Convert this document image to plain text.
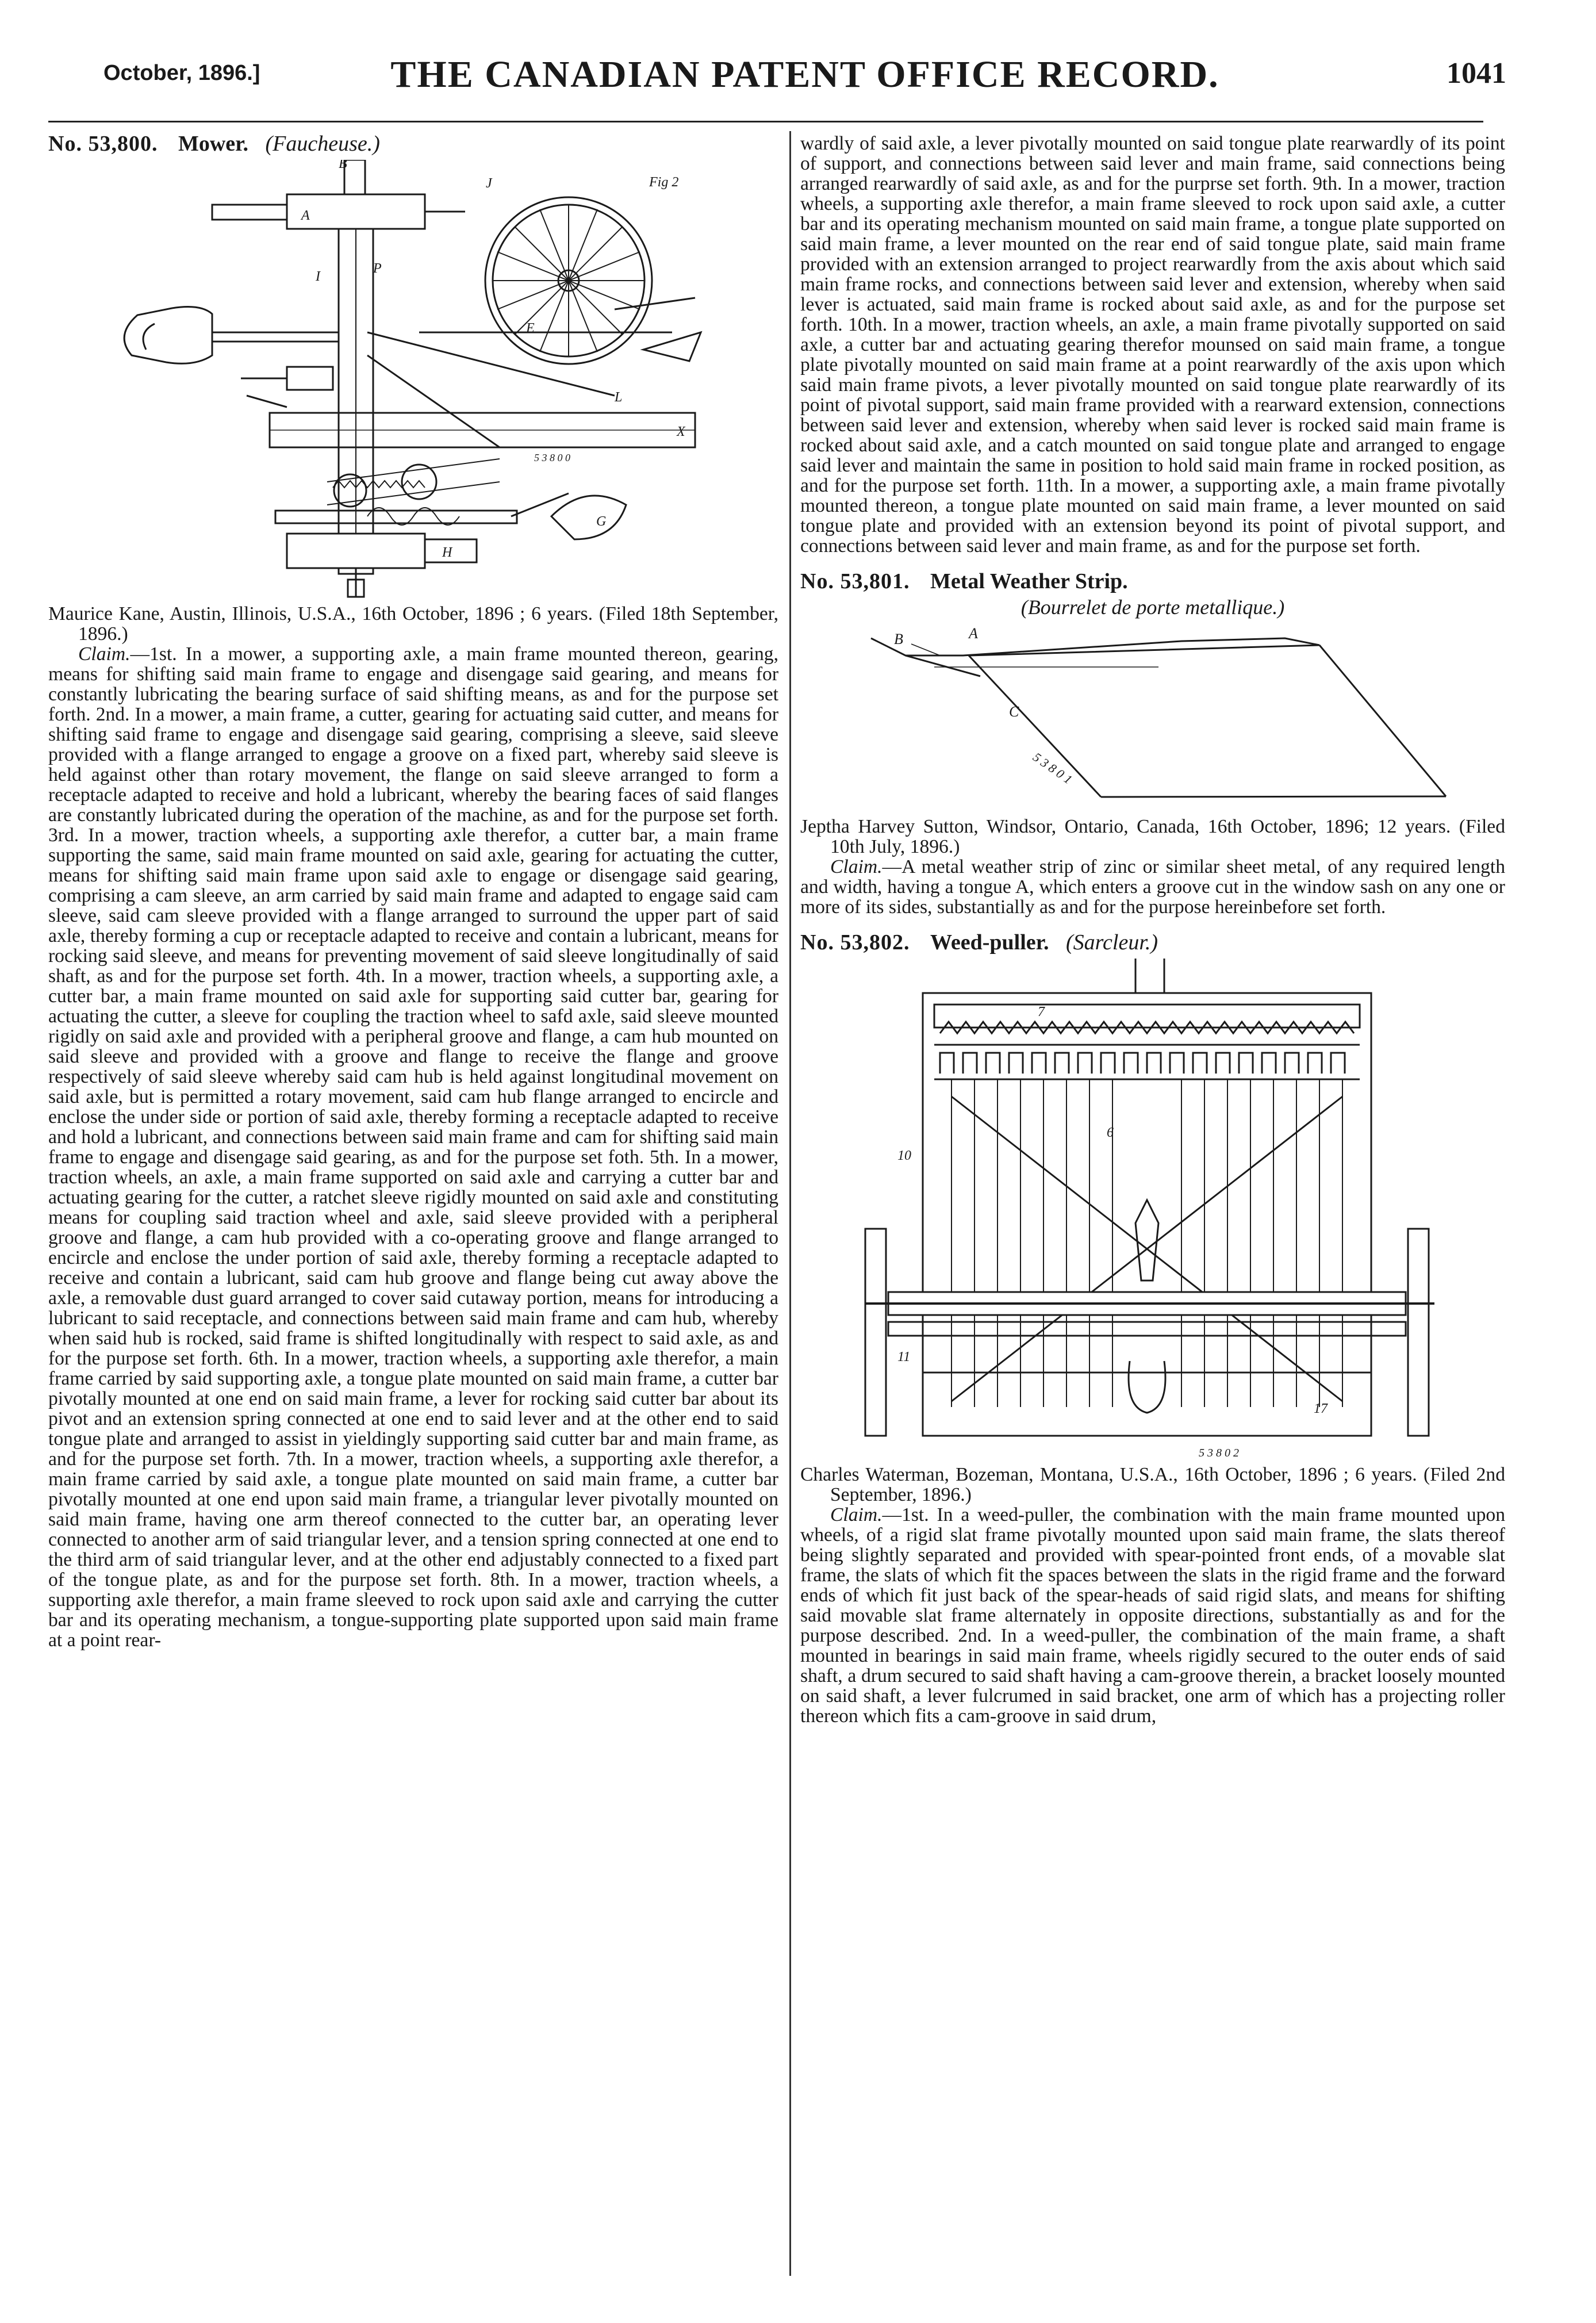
October, 1896.]	THE CANADIAN PATENT OFFICE RECORD.	1041
No. 53,800. Mower. (Faucheuse.)
Fig 2
A
J
B
X
I
P
E
L
H
G
5 3 8 0 0

Maurice Kane, Austin, Illinois, U.S.A., 16th October, 1896 ; 6 years. (Filed 18th September, 1896.)

Claim.—1st. In a mower, a supporting axle, a main frame mounted thereon, gearing, means for shifting said main frame to engage and disengage said gearing, and means for constantly lubricating the bearing surface of said shifting means, as and for the purpose set forth. 2nd. In a mower, a main frame, a cutter, gearing for actuating said cutter, and means for shifting said frame to engage and disengage said gearing, comprising a sleeve, said sleeve provided with a flange arranged to engage a groove on a fixed part, whereby said sleeve is held against other than rotary movement, the flange on said sleeve arranged to form a receptacle adapted to receive and hold a lubricant, whereby the bearing faces of said flanges are constantly lubricated during the operation of the machine, as and for the purpose set forth. 3rd. In a mower, traction wheels, a supporting axle therefor, a cutter bar, a main frame supporting the same, said main frame mounted on said axle, gearing for actuating the cutter, means for shifting said main frame upon said axle to engage or disengage said gearing, comprising a cam sleeve, an arm carried by said main frame and adapted to engage said cam sleeve, said cam sleeve provided with a flange arranged to surround the upper part of said axle, thereby forming a cup or receptacle adapted to receive and contain a lubricant, means for rocking said sleeve, and means for preventing movement of said sleeve longitudinally of said shaft, as and for the purpose set forth. 4th. In a mower, traction wheels, a supporting axle, a cutter bar, a main frame mounted on said axle for supporting said cutter bar, gearing for actuating the cutter, a sleeve for coupling the traction wheel to safd axle, said sleeve mounted rigidly on said axle and provided with a peripheral groove and flange, a cam hub mounted on said sleeve and provided with a groove and flange to receive the flange and groove respectively of said sleeve whereby said cam hub is held against longitudinal movement on said axle, but is permitted a rotary movement, said cam hub flange arranged to encircle and enclose the under side or portion of said axle, thereby forming a receptacle adapted to receive and hold a lubricant, and connections between said main frame and cam for shifting said main frame to engage and disengage said gearing, as and for the purpose set foth. 5th. In a mower, traction wheels, an axle, a main frame supported on said axle and carrying a cutter bar and actuating gearing for the cutter, a ratchet sleeve rigidly mounted on said axle and constituting means for coupling said traction wheel and axle, said sleeve provided with a peripheral groove and flange, a cam hub provided with a co-operating groove and flange arranged to encircle and enclose the under portion of said axle, thereby forming a receptacle adapted to receive and contain a lubricant, said cam hub groove and flange being cut away above the axle, a removable dust guard arranged to cover said cutaway portion, means for introducing a lubricant to said receptacle, and connections between said main frame and cam hub, whereby when said hub is rocked, said frame is shifted longitudinally with respect to said axle, as and for the purpose set forth. 6th. In a mower, traction wheels, a supporting axle therefor, a main frame carried by said supporting axle, a tongue plate mounted on said main frame, a cutter bar pivotally mounted at one end on said main frame, a lever for rocking said cutter bar about its pivot and an extension spring connected at one end to said lever and at the other end to said tongue plate and arranged to assist in yieldingly supporting said cutter bar and main frame, as and for the purpose set forth. 7th. In a mower, traction wheels, a supporting axle therefor, a main frame carried by said axle, a tongue plate mounted on said main frame, a cutter bar pivotally mounted at one end upon said main frame, a triangular lever pivotally mounted on said main frame, having one arm thereof connected to the cutter bar, an operating lever connected to another arm of said triangular lever, and a tension spring connected at one end to the third arm of said triangular lever, and at the other end adjustably connected to a fixed part of the tongue plate, as and for the purpose set forth. 8th. In a mower, traction wheels, a supporting axle therefor, a main frame sleeved to rock upon said axle and carrying the cutter bar and its operating mechanism, a tongue-supporting plate supported upon said main frame at a point rear-

wardly of said axle, a lever pivotally mounted on said tongue plate rearwardly of its point of support, and connections between said lever and main frame, said connections being arranged rearwardly of said axle, as and for the purprse set forth. 9th. In a mower, traction wheels, a supporting axle therefor, a main frame sleeved to rock upon said axle, a cutter bar and its operating mechanism mounted on said main frame, a tongue plate supported on said main frame, a lever mounted on the rear end of said tongue plate, said main frame provided with an extension arranged to project rearwardly from the axis about which said main frame rocks, and connections between said lever and extension, whereby when said lever is actuated, said main frame is rocked about said axle, as and for the purpose set forth. 10th. In a mower, traction wheels, an axle, a main frame pivotally supported on said axle, a cutter bar and actuating gearing therefor mounsed on said main frame, a tongue plate pivotally mounted on said main frame at a point rearwardly of the axis upon which said main frame pivots, a lever pivotally mounted on said tongue plate rearwardly of its point of pivotal support, said main frame provided with a rearward extension, connections between said lever and extension, whereby when said lever is rocked said main frame is rocked about said axle, and a catch mounted on said tongue plate and arranged to engage said lever and maintain the same in position to hold said main frame in rocked position, as and for the purpose set forth. 11th. In a mower, a supporting axle, a main frame pivotally mounted thereon, a tongue plate mounted on said main frame, a lever mounted on said tongue plate and provided with an extension beyond its point of pivotal support, and connections between said lever and main frame, as and for the purpose set forth.

No. 53,801. Metal Weather Strip.
(Bourrelet de porte metallique.)
A
B
C
5 3 8 0 1

Jeptha Harvey Sutton, Windsor, Ontario, Canada, 16th October, 1896; 12 years. (Filed 10th July, 1896.)

Claim.—A metal weather strip of zinc or similar sheet metal, of any required length and width, having a tongue A, which enters a groove cut in the window sash on any one or more of its sides, substantially as and for the purpose hereinbefore set forth.

No. 53,802. Weed-puller. (Sarcleur.)
7
6
10
11
17
5 3 8 0 2

Charles Waterman, Bozeman, Montana, U.S.A., 16th October, 1896 ; 6 years. (Filed 2nd September, 1896.)

Claim.—1st. In a weed-puller, the combination with the main frame mounted upon wheels, of a rigid slat frame pivotally mounted upon said main frame, the slats thereof being slightly separated and provided with spear-pointed front ends, of a movable slat frame, the slats of which fit the spaces between the slats in the rigid frame and the forward ends of which fit just back of the spear-heads of said rigid slats, and means for shifting said movable slat frame alternately in opposite directions, substantially as and for the purpose described. 2nd. In a weed-puller, the combination of the main frame, a shaft mounted in bearings in said main frame, wheels rigidly secured to the outer ends of said shaft, a drum secured to said shaft having a cam-groove therein, a bracket loosely mounted on said shaft, a lever fulcrumed in said bracket, one arm of which has a projecting roller thereon which fits a cam-groove in said drum,
